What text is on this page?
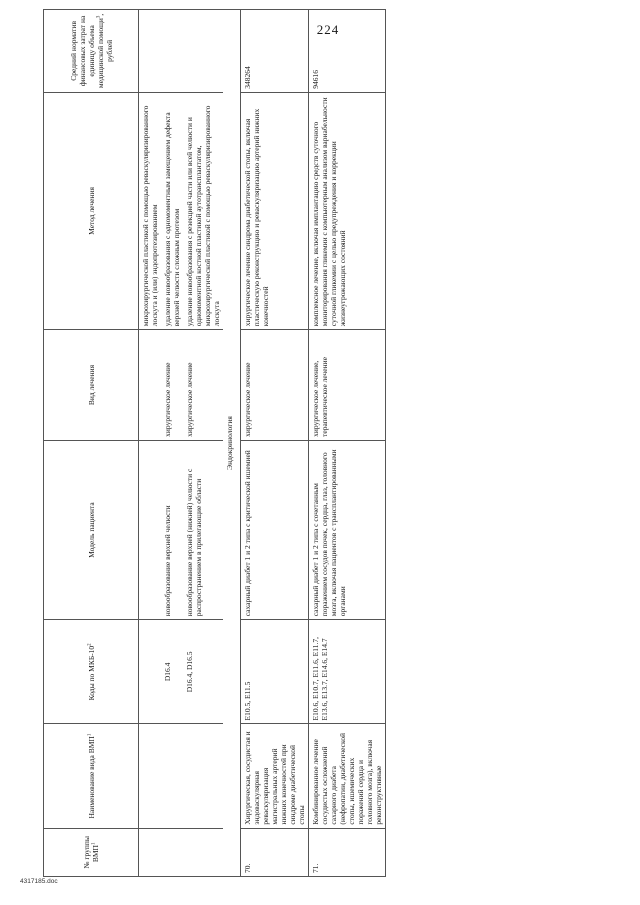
224
№ группы ВМП$^1$	Наименование вида ВМП$^1$	Коды по МКБ-$10^2$	Модель пациента	Вид лечения	Метод лечения	Средний норматив финансовых затрат на единицу объема медицинской помощи$^3$, рублей
					микрохирургической пластикой с помощью реваскуляризированного лоскута и (или) эндопротезированием	
		D16.4	новообразование верхней челюсти	хирургическое лечение	удаление новообразования с одномоментным замещением дефекта верхней челюсти сложным протезом	
		D16.4, D16.5	новообразование верхней (нижней) челюсти с распространением в прилегающие области	хирургическое лечение	удаление новообразования с резекцией части или всей челюсти и одномоментной костной пластикой аутотрансплантатом, микрохирургической пластикой с помощью реваскуляризированного лоскута	
Эндокринология						
70.	Хирургическая, сосудистая и эндоваскулярная реваскуляризация магистральных артерий нижних конечностей при синдроме диабетической стопы	E10.5, E11.5	сахарный диабет 1 и 2 типа с критической ишемией	хирургическое лечение	хирургическое лечение синдрома диабетической стопы, включая пластическую реконструкцию и реваскуляризацию артерий нижних конечностей	348264
71.	Комбинированное лечение сосудистых осложнений сахарного диабета (нефропатии, диабетической стопы, ишемических поражений сердца и головного мозга), включая реконструктивные	E10.6, E10.7, E11.6, E11.7, E13.6, E13.7, E14.6, E14.7	сахарный диабет 1 и 2 типа с сочетанным поражением сосудов почек, сердца, глаз, головного мозга, включая пациентов с трансплантированными органами	хирургическое лечение, терапевтическое лечение	комплексное лечение, включая имплантацию средств суточного мониторирования гликемии с компьютерным анализом вариабельности суточной гликемии с целью предупреждения и коррекции жизнеугрожающих состояний	94616
4317185.doc
